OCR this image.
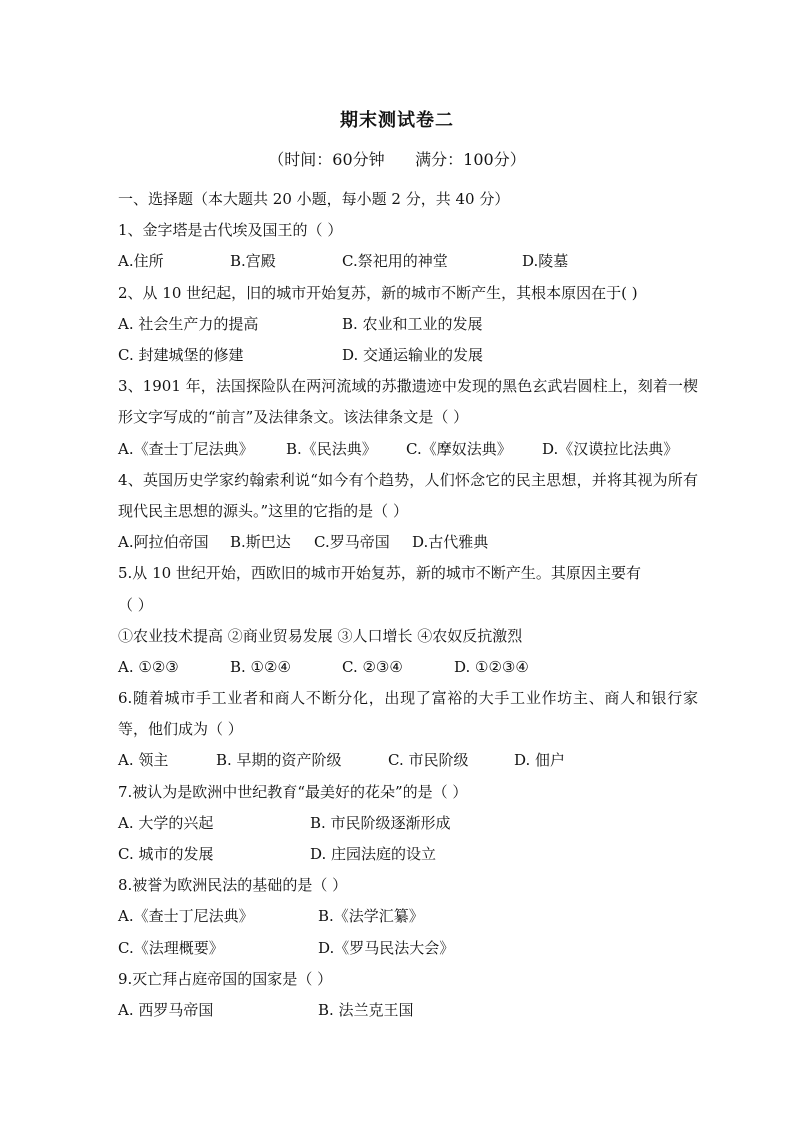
期末测试卷二
（时间：60分钟      满分：100分）
一、选择题（本大题共 20 小题，每小题 2 分，共 40 分）
1、金字塔是古代埃及国王的（ ）
A.住所	B.宫殿	C.祭祀用的神堂	D.陵墓
2、从 10 世纪起，旧的城市开始复苏，新的城市不断产生，其根本原因在于( )
A. 社会生产力的提高	B. 农业和工业的发展
C. 封建城堡的修建	D. 交通运输业的发展
3、1901 年，法国探险队在两河流域的苏撒遗迹中发现的黑色玄武岩圆柱上，刻着一楔形文字写成的“前言”及法律条文。该法律条文是（ ）
A.《查士丁尼法典》	B.《民法典》	C.《摩奴法典》	D.《汉谟拉比法典》
4、英国历史学家约翰索利说“如今有个趋势，人们怀念它的民主思想，并将其视为所有现代民主思想的源头。”这里的它指的是（ ）
A.阿拉伯帝国	B.斯巴达	C.罗马帝国	D.古代雅典
5.从 10 世纪开始，西欧旧的城市开始复苏，新的城市不断产生。其原因主要有
（ ）
①农业技术提高 ②商业贸易发展 ③人口增长 ④农奴反抗激烈
A. ①②③	B. ①②④	C. ②③④	D. ①②③④
6.随着城市手工业者和商人不断分化，出现了富裕的大手工业作坊主、商人和银行家等，他们成为（ ）
A. 领主	B. 早期的资产阶级	C. 市民阶级	D. 佃户
7.被认为是欧洲中世纪教育“最美好的花朵”的是（ ）
A. 大学的兴起	B. 市民阶级逐渐形成
C. 城市的发展	D. 庄园法庭的设立
8.被誉为欧洲民法的基础的是（ ）
A.《查士丁尼法典》	B.《法学汇纂》
C.《法理概要》	D.《罗马民法大会》
9.灭亡拜占庭帝国的国家是（ ）
A. 西罗马帝国	B. 法兰克王国
